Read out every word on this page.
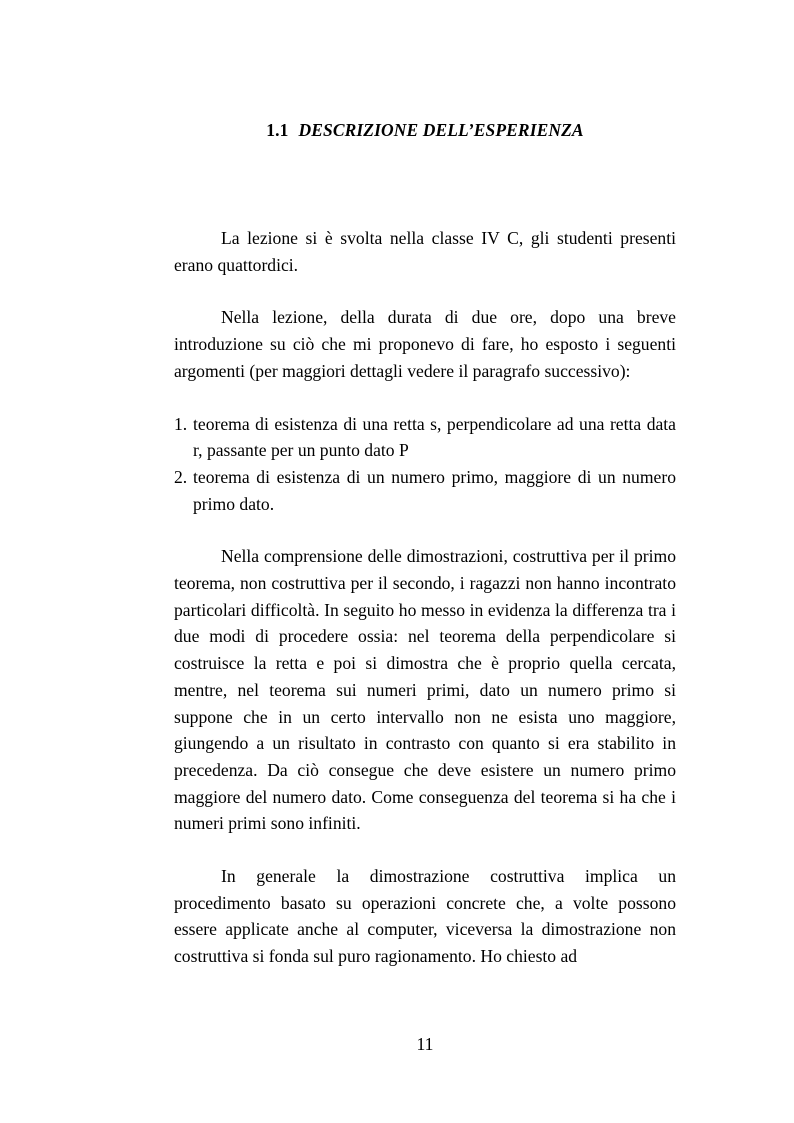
1.1 DESCRIZIONE DELL’ESPERIENZA

La lezione si è svolta nella classe IV C, gli studenti presenti erano quattordici.

Nella lezione, della durata di due ore, dopo una breve introduzione su ciò che mi proponevo di fare, ho esposto i seguenti argomenti (per maggiori dettagli vedere il paragrafo successivo):

1. teorema di esistenza di una retta s, perpendicolare ad una retta data r, passante per un punto dato P
2. teorema di esistenza di un numero primo, maggiore di un numero primo dato.

Nella comprensione delle dimostrazioni, costruttiva per il primo teorema, non costruttiva per il secondo, i ragazzi non hanno incontrato particolari difficoltà. In seguito ho messo in evidenza la differenza tra i due modi di procedere ossia: nel teorema della perpendicolare si costruisce la retta e poi si dimostra che è proprio quella cercata, mentre, nel teorema sui numeri primi, dato un numero primo si suppone che in un certo intervallo non ne esista uno maggiore, giungendo a un risultato in contrasto con quanto si era stabilito in precedenza. Da ciò consegue che deve esistere un numero primo maggiore del numero dato. Come conseguenza del teorema si ha che i numeri primi sono infiniti.

In generale la dimostrazione costruttiva implica un procedimento basato su operazioni concrete che, a volte possono essere applicate anche al computer, viceversa la dimostrazione non costruttiva si fonda sul puro ragionamento. Ho chiesto ad

11
